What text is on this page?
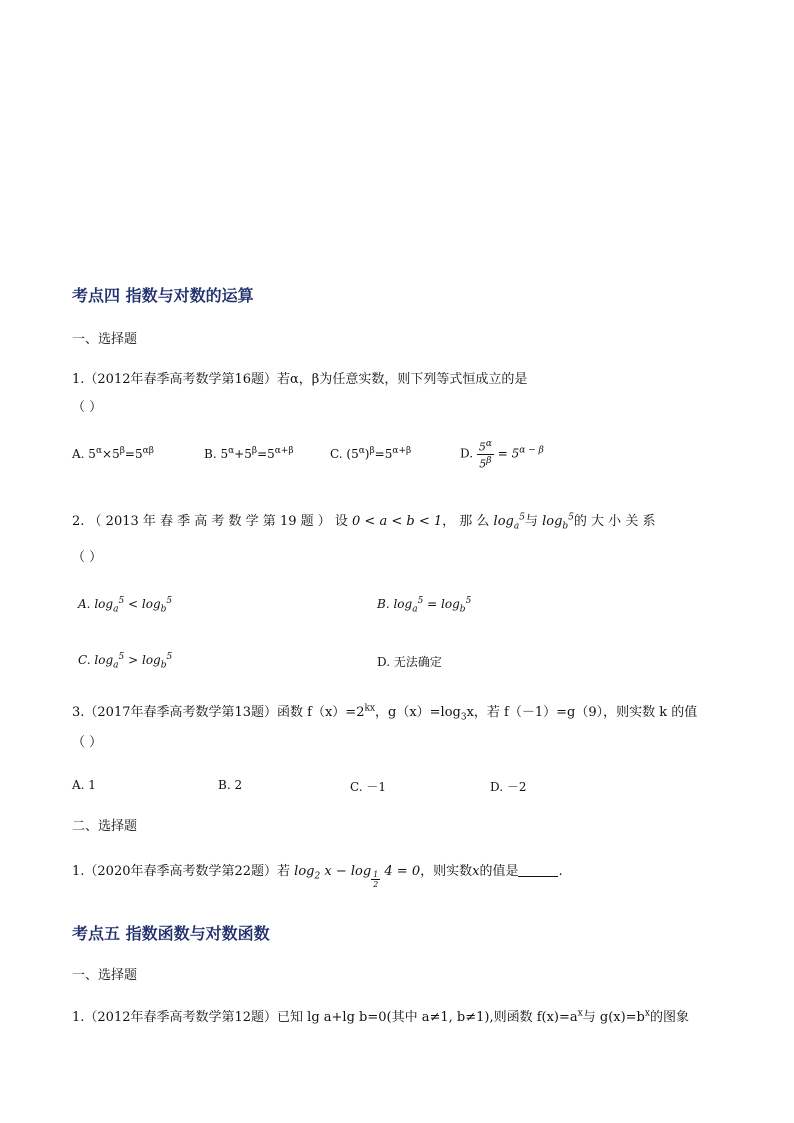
考点四 指数与对数的运算
一、选择题
1.（2012年春季高考数学第16题）若α，β为任意实数，则下列等式恒成立的是
（ ）
A. $5^\alpha\times 5^\beta=5^{\alpha\beta}$	B. $5^\alpha+5^\beta=5^{\alpha+\beta}$	C. $(5^\alpha)^\beta=5^{\alpha+\beta}$	D. $\frac{5^\alpha}{5^\beta} = 5^{\alpha - \beta}$
2. （ 2013 年 春 季 高 考 数 学 第 19 题 ） 设 0 < a < b < 1， 那 么 $\log_a^5$与 $\log_b^5$的 大 小 关 系
（ ）
A. $\log_a^5 < \log_b^5$	B. $\log_a^5 = \log_b^5$
C. $\log_a^5 > \log_b^5$	D. 无法确定
3.（2017年春季高考数学第13题）函数 $f(x)=2^{kx}$，$g(x)=\log_3x$，若 f（－1）=g（9），则实数 k 的值
（ ）
A. 1	B. 2	C. －1	D. －2
二、选择题
1.（2020年春季高考数学第22题）若 $\log_2 x - \log \frac{1}{2} 4 = 0$，则实数x的值是	.
考点五 指数函数与对数函数
一、选择题
1.（2012年春季高考数学第12题）已知 lg a+lg b=0(其中 a≠1, b≠1),则函数 $f(x)=a^x$与 $g(x)=b^x$的图象
